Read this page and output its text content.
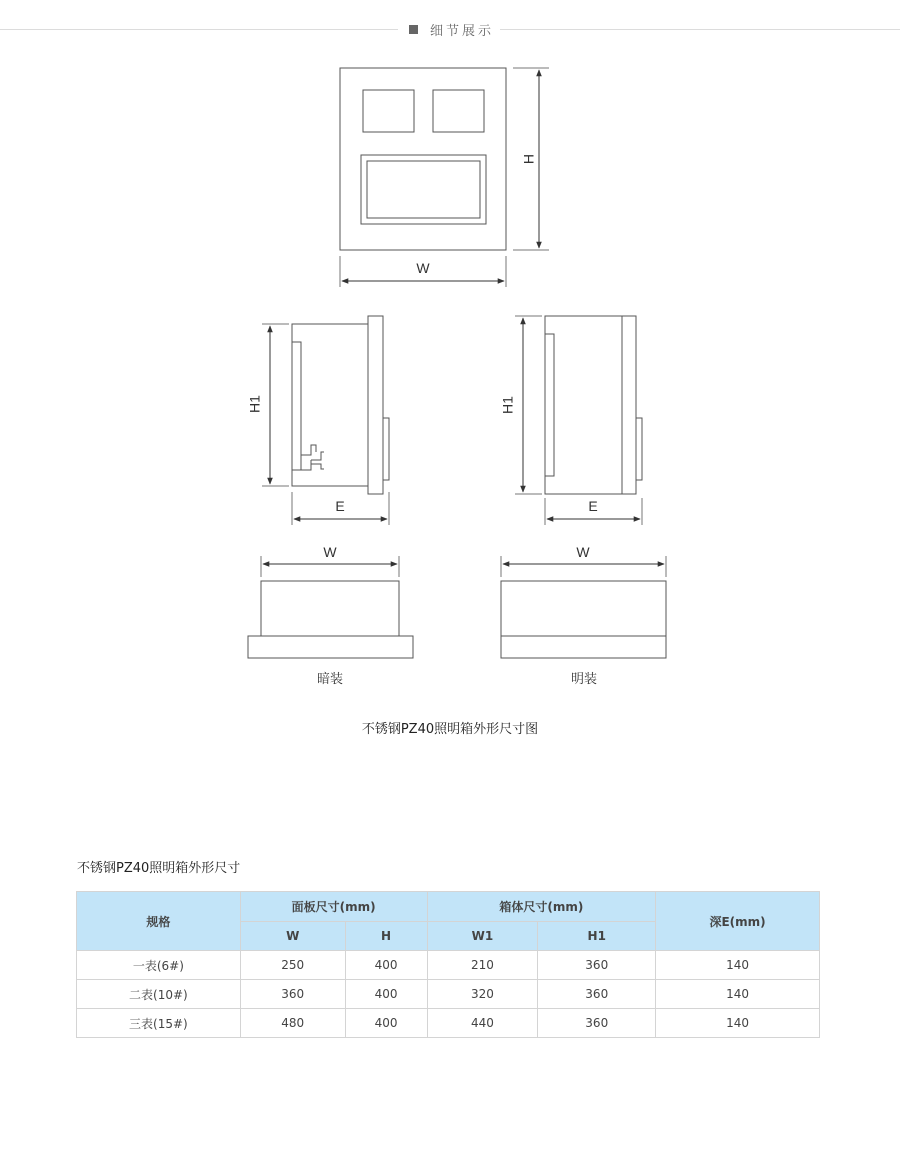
细节展示
W
H
H1
E
H1
E
W	W
暗装	明装
不锈钢PZ40照明箱外形尺寸图
不锈钢PZ40照明箱外形尺寸
规格	面板尺寸(mm)		箱体尺寸(mm)		深E(mm)
	W	H	W1	H1	
一表(6#)	250	400	210	360	140
二表(10#)	360	400	320	360	140
三表(15#)	480	400	440	360	140
